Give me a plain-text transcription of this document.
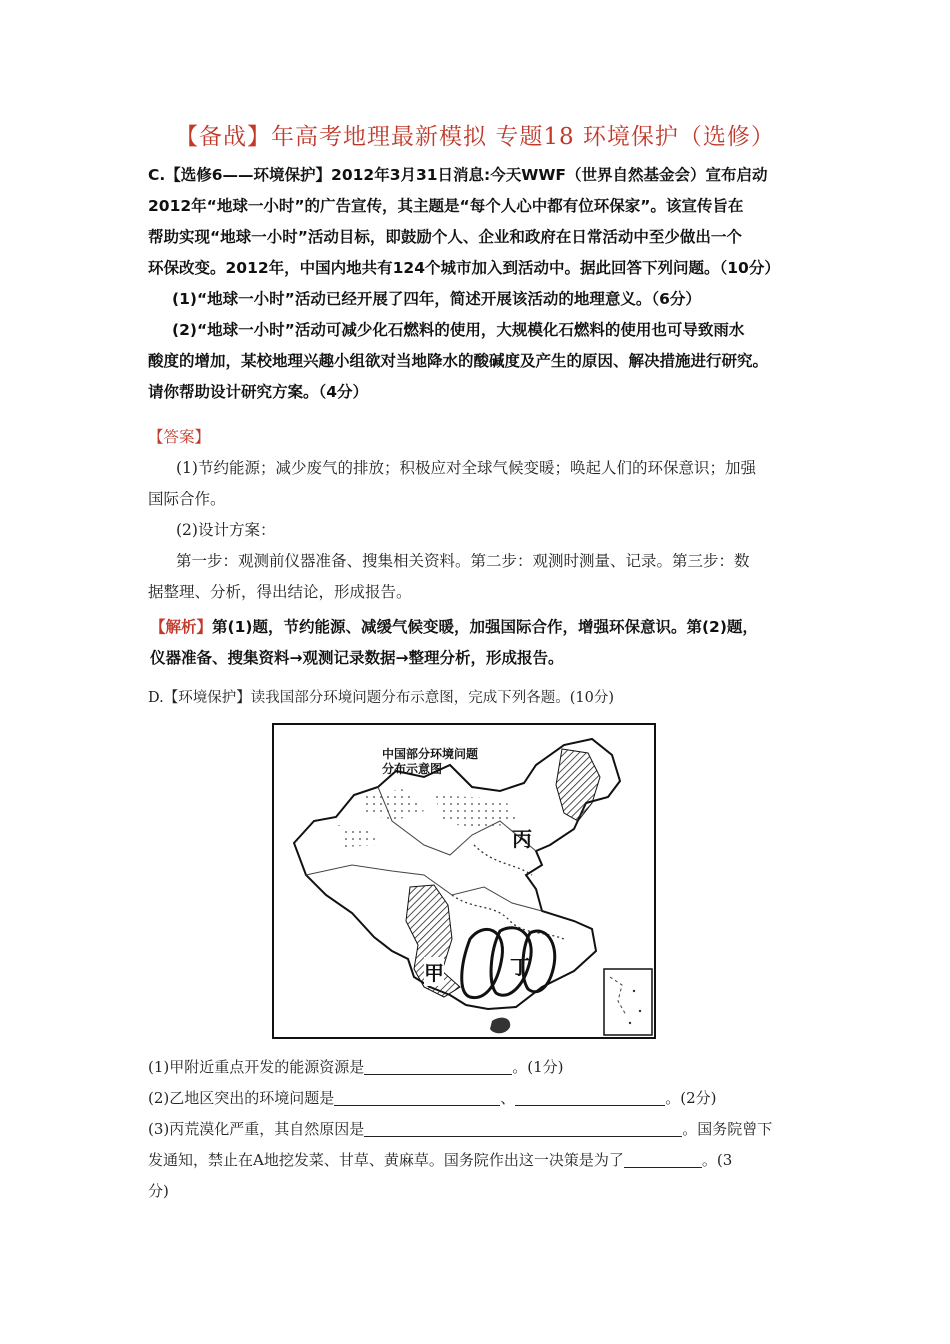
【备战】年高考地理最新模拟 专题18 环境保护（选修）
C.【选修6——环境保护】2012年3月31日消息:今天WWF（世界自然基金会）宣布启动
2012年“地球一小时”的广告宣传，其主题是“每个人心中都有位环保家”。该宣传旨在
帮助实现“地球一小时”活动目标，即鼓励个人、企业和政府在日常活动中至少做出一个
环保改变。2012年，中国内地共有124个城市加入到活动中。据此回答下列问题。（10分）
(1)“地球一小时”活动已经开展了四年，简述开展该活动的地理意义。（6分）
(2)“地球一小时”活动可减少化石燃料的使用，大规模化石燃料的使用也可导致雨水
酸度的增加，某校地理兴趣小组欲对当地降水的酸碱度及产生的原因、解决措施进行研究。
请你帮助设计研究方案。（4分）
【答案】
(1)节约能源；减少废气的排放；积极应对全球气候变暖；唤起人们的环保意识；加强
国际合作。
(2)设计方案：
第一步：观测前仪器准备、搜集相关资料。第二步：观测时测量、记录。第三步：数
据整理、分析，得出结论，形成报告。
【解析】第(1)题，节约能源、减缓气候变暖，加强国际合作，增强环保意识。第(2)题，
仪器准备、搜集资料→观测记录数据→整理分析，形成报告。
D.【环境保护】读我国部分环境问题分布示意图，完成下列各题。(10分)
中国部分环境问题
分布示意图
丙
甲	丁
(1)甲附近重点开发的能源资源是	。(1分)
(2)乙地区突出的环境问题是	、	。(2分)
(3)丙荒漠化严重，其自然原因是	。国务院曾下
发通知，禁止在A地挖发菜、甘草、黄麻草。国务院作出这一决策是为了	。(3
分)
